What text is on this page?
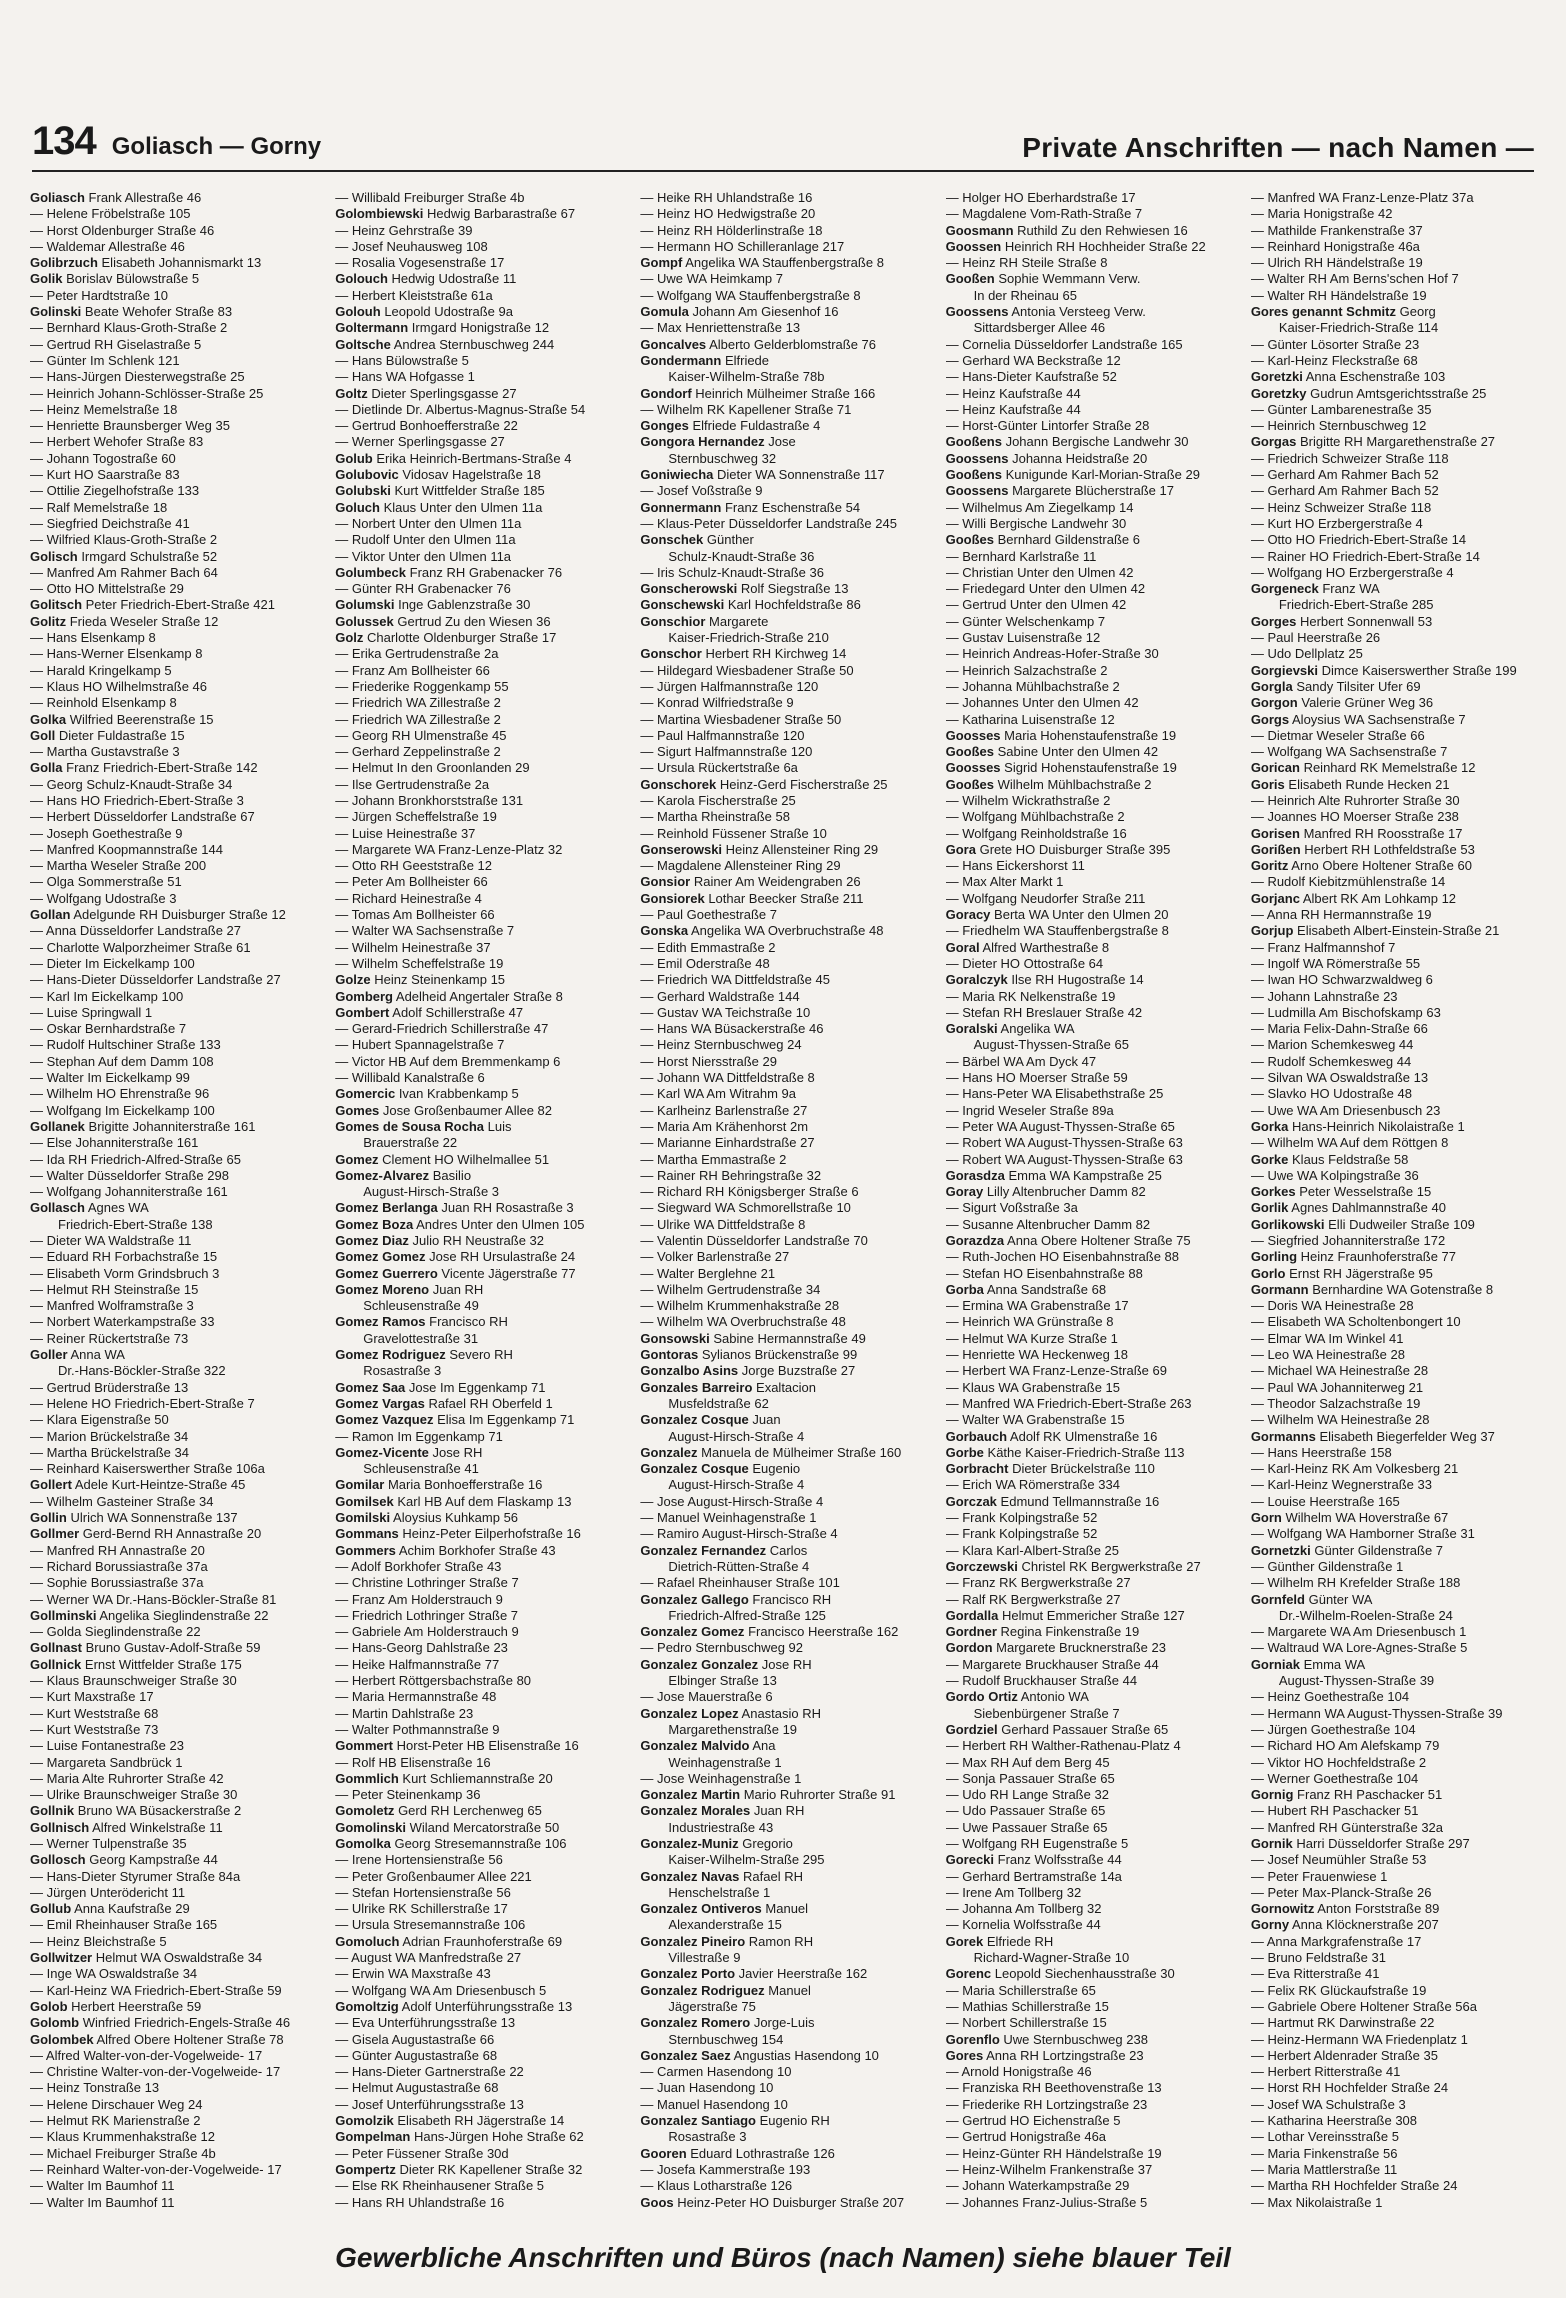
134 Goliasch — Gorny	Private Anschriften — nach Namen —
Goliasch Frank Allestraße 46
— Helene Fröbelstraße 105
— Horst Oldenburger Straße 46
— Waldemar Allestraße 46
Golibrzuch Elisabeth Johannismarkt 13
Golik Borislav Bülowstraße 5
— Peter Hardtstraße 10
Golinski Beate Wehofer Straße 83
— Bernhard Klaus-Groth-Straße 2
— Gertrud RH Giselastraße 5
— Günter Im Schlenk 121
— Hans-Jürgen Diesterwegstraße 25
— Heinrich Johann-Schlösser-Straße 25
— Heinz Memelstraße 18
— Henriette Braunsberger Weg 35
— Herbert Wehofer Straße 83
— Johann Togostraße 60
— Kurt HO Saarstraße 83
— Ottilie Ziegelhofstraße 133
— Ralf Memelstraße 18
— Siegfried Deichstraße 41
— Wilfried Klaus-Groth-Straße 2
Golisch Irmgard Schulstraße 52
— Manfred Am Rahmer Bach 64
— Otto HO Mittelstraße 29
Golitsch Peter Friedrich-Ebert-Straße 421
Golitz Frieda Weseler Straße 12
— Hans Elsenkamp 8
— Hans-Werner Elsenkamp 8
— Harald Kringelkamp 5
— Klaus HO Wilhelmstraße 46
— Reinhold Elsenkamp 8
Golka Wilfried Beerenstraße 15
Goll Dieter Fuldastraße 15
— Martha Gustavstraße 3
Golla Franz Friedrich-Ebert-Straße 142
— Georg Schulz-Knaudt-Straße 34
— Hans HO Friedrich-Ebert-Straße 3
— Herbert Düsseldorfer Landstraße 67
— Joseph Goethestraße 9
— Manfred Koopmannstraße 144
— Martha Weseler Straße 200
— Olga Sommerstraße 51
— Wolfgang Udostraße 3
Gollan Adelgunde RH Duisburger Straße 12
— Anna Düsseldorfer Landstraße 27
— Charlotte Walporzheimer Straße 61
— Dieter Im Eickelkamp 100
— Hans-Dieter Düsseldorfer Landstraße 27
— Karl Im Eickelkamp 100
— Luise Springwall 1
— Oskar Bernhardstraße 7
— Rudolf Hultschiner Straße 133
— Stephan Auf dem Damm 108
— Walter Im Eickelkamp 99
— Wilhelm HO Ehrenstraße 96
— Wolfgang Im Eickelkamp 100
Gollanek Brigitte Johanniterstraße 161
— Else Johanniterstraße 161
— Ida RH Friedrich-Alfred-Straße 65
— Walter Düsseldorfer Straße 298
— Wolfgang Johanniterstraße 161
Gollasch Agnes WA
Friedrich-Ebert-Straße 138
— Dieter WA Waldstraße 11
— Eduard RH Forbachstraße 15
— Elisabeth Vorm Grindsbruch 3
— Helmut RH Steinstraße 15
— Manfred Wolframstraße 3
— Norbert Waterkampstraße 33
— Reiner Rückertstraße 73
Goller Anna WA
Dr.-Hans-Böckler-Straße 322
— Gertrud Brüderstraße 13
— Helene HO Friedrich-Ebert-Straße 7
— Klara Eigenstraße 50
— Marion Brückelstraße 34
— Martha Brückelstraße 34
— Reinhard Kaiserswerther Straße 106a
Gollert Adele Kurt-Heintze-Straße 45
— Wilhelm Gasteiner Straße 34
Gollin Ulrich WA Sonnenstraße 137
Gollmer Gerd-Bernd RH Annastraße 20
— Manfred RH Annastraße 20
— Richard Borussiastraße 37a
— Sophie Borussiastraße 37a
— Werner WA Dr.-Hans-Böckler-Straße 81
Gollminski Angelika Sieglindenstraße 22
— Golda Sieglindenstraße 22
Gollnast Bruno Gustav-Adolf-Straße 59
Gollnick Ernst Wittfelder Straße 175
— Klaus Braunschweiger Straße 30
— Kurt Maxstraße 17
— Kurt Weststraße 68
— Kurt Weststraße 73
— Luise Fontanestraße 23
— Margareta Sandbrück 1
— Maria Alte Ruhrorter Straße 42
— Ulrike Braunschweiger Straße 30
Gollnik Bruno WA Büsackerstraße 2
Gollnisch Alfred Winkelstraße 11
— Werner Tulpenstraße 35
Gollosch Georg Kampstraße 44
— Hans-Dieter Styrumer Straße 84a
— Jürgen Unterödericht 11
Gollub Anna Kaufstraße 29
— Emil Rheinhauser Straße 165
— Heinz Bleichstraße 5
Gollwitzer Helmut WA Oswaldstraße 34
— Inge WA Oswaldstraße 34
— Karl-Heinz WA Friedrich-Ebert-Straße 59
Golob Herbert Heerstraße 59
Golomb Winfried Friedrich-Engels-Straße 46
Golombek Alfred Obere Holtener Straße 78
— Alfred Walter-von-der-Vogelweide- 17
— Christine Walter-von-der-Vogelweide- 17
— Heinz Tonstraße 13
— Helene Dirschauer Weg 24
— Helmut RK Marienstraße 2
— Klaus Krummenhakstraße 12
— Michael Freiburger Straße 4b
— Reinhard Walter-von-der-Vogelweide- 17
— Walter Im Baumhof 11
— Walter Im Baumhof 11
— Willibald Freiburger Straße 4b
Golombiewski Hedwig Barbarastraße 67
— Heinz Gehrstraße 39
— Josef Neuhausweg 108
— Rosalia Vogesenstraße 17
Golouch Hedwig Udostraße 11
— Herbert Kleiststraße 61a
Golouh Leopold Udostraße 9a
Goltermann Irmgard Honigstraße 12
Goltsche Andrea Sternbuschweg 244
— Hans Bülowstraße 5
— Hans WA Hofgasse 1
Goltz Dieter Sperlingsgasse 27
— Dietlinde Dr. Albertus-Magnus-Straße 54
— Gertrud Bonhoefferstraße 22
— Werner Sperlingsgasse 27
Golub Erika Heinrich-Bertmans-Straße 4
Golubovic Vidosav Hagelstraße 18
Golubski Kurt Wittfelder Straße 185
Goluch Klaus Unter den Ulmen 11a
— Norbert Unter den Ulmen 11a
— Rudolf Unter den Ulmen 11a
— Viktor Unter den Ulmen 11a
Golumbeck Franz RH Grabenacker 76
— Günter RH Grabenacker 76
Golumski Inge Gablenzstraße 30
Golussek Gertrud Zu den Wiesen 36
Golz Charlotte Oldenburger Straße 17
— Erika Gertrudenstraße 2a
— Franz Am Bollheister 66
— Friederike Roggenkamp 55
— Friedrich WA Zillestraße 2
— Friedrich WA Zillestraße 2
— Georg RH Ulmenstraße 45
— Gerhard Zeppelinstraße 2
— Helmut In den Groonlanden 29
— Ilse Gertrudenstraße 2a
— Johann Bronkhorststraße 131
— Jürgen Scheffelstraße 19
— Luise Heinestraße 37
— Margarete WA Franz-Lenze-Platz 32
— Otto RH Geeststraße 12
— Peter Am Bollheister 66
— Richard Heinestraße 4
— Tomas Am Bollheister 66
— Walter WA Sachsenstraße 7
— Wilhelm Heinestraße 37
— Wilhelm Scheffelstraße 19
Golze Heinz Steinenkamp 15
Gomberg Adelheid Angertaler Straße 8
Gombert Adolf Schillerstraße 47
— Gerard-Friedrich Schillerstraße 47
— Hubert Spannagelstraße 7
— Victor HB Auf dem Bremmenkamp 6
— Willibald Kanalstraße 6
Gomercic Ivan Krabbenkamp 5
Gomes Jose Großenbaumer Allee 82
Gomes de Sousa Rocha Luis
Brauerstraße 22
Gomez Clement HO Wilhelmallee 51
Gomez-Alvarez Basilio
August-Hirsch-Straße 3
Gomez Berlanga Juan RH Rosastraße 3
Gomez Boza Andres Unter den Ulmen 105
Gomez Diaz Julio RH Neustraße 32
Gomez Gomez Jose RH Ursulastraße 24
Gomez Guerrero Vicente Jägerstraße 77
Gomez Moreno Juan RH
Schleusenstraße 49
Gomez Ramos Francisco RH
Gravelottestraße 31
Gomez Rodriguez Severo RH
Rosastraße 3
Gomez Saa Jose Im Eggenkamp 71
Gomez Vargas Rafael RH Oberfeld 1
Gomez Vazquez Elisa Im Eggenkamp 71
— Ramon Im Eggenkamp 71
Gomez-Vicente Jose RH
Schleusenstraße 41
Gomilar Maria Bonhoefferstraße 16
Gomilsek Karl HB Auf dem Flaskamp 13
Gomilski Aloysius Kuhkamp 56
Gommans Heinz-Peter Eilperhofstraße 16
Gommers Achim Borkhofer Straße 43
— Adolf Borkhofer Straße 43
— Christine Lothringer Straße 7
— Franz Am Holderstrauch 9
— Friedrich Lothringer Straße 7
— Gabriele Am Holderstrauch 9
— Hans-Georg Dahlstraße 23
— Heike Halfmannstraße 77
— Herbert Röttgersbachstraße 80
— Maria Hermannstraße 48
— Martin Dahlstraße 23
— Walter Pothmannstraße 9
Gommert Horst-Peter HB Elisenstraße 16
— Rolf HB Elisenstraße 16
Gommlich Kurt Schliemannstraße 20
— Peter Steinenkamp 36
Gomoletz Gerd RH Lerchenweg 65
Gomolinski Wiland Mercatorstraße 50
Gomolka Georg Stresemannstraße 106
— Irene Hortensienstraße 56
— Peter Großenbaumer Allee 221
— Stefan Hortensienstraße 56
— Ulrike RK Schillerstraße 17
— Ursula Stresemannstraße 106
Gomoluch Adrian Fraunhoferstraße 69
— August WA Manfredstraße 27
— Erwin WA Maxstraße 43
— Wolfgang WA Am Driesenbusch 5
Gomoltzig Adolf Unterführungsstraße 13
— Eva Unterführungsstraße 13
— Gisela Augustastraße 66
— Günter Augustastraße 68
— Hans-Dieter Gartnerstraße 22
— Helmut Augustastraße 68
— Josef Unterführungsstraße 13
Gomolzik Elisabeth RH Jägerstraße 14
Gompelman Hans-Jürgen Hohe Straße 62
— Peter Füssener Straße 30d
Gompertz Dieter RK Kapellener Straße 32
— Else RK Rheinhausener Straße 5
— Hans RH Uhlandstraße 16
— Heike RH Uhlandstraße 16
— Heinz HO Hedwigstraße 20
— Heinz RH Hölderlinstraße 18
— Hermann HO Schilleranlage 217
Gompf Angelika WA Stauffenbergstraße 8
— Uwe WA Heimkamp 7
— Wolfgang WA Stauffenbergstraße 8
Gomula Johann Am Giesenhof 16
— Max Henriettenstraße 13
Goncalves Alberto Gelderblomstraße 76
Gondermann Elfriede
Kaiser-Wilhelm-Straße 78b
Gondorf Heinrich Mülheimer Straße 166
— Wilhelm RK Kapellener Straße 71
Gonges Elfriede Fuldastraße 4
Gongora Hernandez Jose
Sternbuschweg 32
Goniwiecha Dieter WA Sonnenstraße 117
— Josef Voßstraße 9
Gonnermann Franz Eschenstraße 54
— Klaus-Peter Düsseldorfer Landstraße 245
Gonschek Günther
Schulz-Knaudt-Straße 36
— Iris Schulz-Knaudt-Straße 36
Gonscherowski Rolf Siegstraße 13
Gonschewski Karl Hochfeldstraße 86
Gonschior Margarete
Kaiser-Friedrich-Straße 210
Gonschor Herbert RH Kirchweg 14
— Hildegard Wiesbadener Straße 50
— Jürgen Halfmannstraße 120
— Konrad Wilfriedstraße 9
— Martina Wiesbadener Straße 50
— Paul Halfmannstraße 120
— Sigurt Halfmannstraße 120
— Ursula Rückertstraße 6a
Gonschorek Heinz-Gerd Fischerstraße 25
— Karola Fischerstraße 25
— Martha Rheinstraße 58
— Reinhold Füssener Straße 10
Gonserowski Heinz Allensteiner Ring 29
— Magdalene Allensteiner Ring 29
Gonsior Rainer Am Weidengraben 26
Gonsiorek Lothar Beecker Straße 211
— Paul Goethestraße 7
Gonska Angelika WA Overbruchstraße 48
— Edith Emmastraße 2
— Emil Oderstraße 48
— Friedrich WA Dittfeldstraße 45
— Gerhard Waldstraße 144
— Gustav WA Teichstraße 10
— Hans WA Büsackerstraße 46
— Heinz Sternbuschweg 24
— Horst Niersstraße 29
— Johann WA Dittfeldstraße 8
— Karl WA Am Witrahm 9a
— Karlheinz Barlenstraße 27
— Maria Am Krähenhorst 2m
— Marianne Einhardstraße 27
— Martha Emmastraße 2
— Rainer RH Behringstraße 32
— Richard RH Königsberger Straße 6
— Siegward WA Schmorellstraße 10
— Ulrike WA Dittfeldstraße 8
— Valentin Düsseldorfer Landstraße 70
— Volker Barlenstraße 27
— Walter Berglehne 21
— Wilhelm Gertrudenstraße 34
— Wilhelm Krummenhakstraße 28
— Wilhelm WA Overbruchstraße 48
Gonsowski Sabine Hermannstraße 49
Gontoras Sylianos Brückenstraße 99
Gonzalbo Asins Jorge Buzstraße 27
Gonzales Barreiro Exaltacion
Musfeldstraße 62
Gonzalez Cosque Juan
August-Hirsch-Straße 4
Gonzalez Manuela de Mülheimer Straße 160
Gonzalez Cosque Eugenio
August-Hirsch-Straße 4
— Jose August-Hirsch-Straße 4
— Manuel Weinhagenstraße 1
— Ramiro August-Hirsch-Straße 4
Gonzalez Fernandez Carlos
Dietrich-Rütten-Straße 4
— Rafael Rheinhauser Straße 101
Gonzalez Gallego Francisco RH
Friedrich-Alfred-Straße 125
Gonzalez Gomez Francisco Heerstraße 162
— Pedro Sternbuschweg 92
Gonzalez Gonzalez Jose RH
Elbinger Straße 13
— Jose Mauerstraße 6
Gonzalez Lopez Anastasio RH
Margarethenstraße 19
Gonzalez Malvido Ana
Weinhagenstraße 1
— Jose Weinhagenstraße 1
Gonzalez Martin Mario Ruhrorter Straße 91
Gonzalez Morales Juan RH
Industriestraße 43
Gonzalez-Muniz Gregorio
Kaiser-Wilhelm-Straße 295
Gonzalez Navas Rafael RH
Henschelstraße 1
Gonzalez Ontiveros Manuel
Alexanderstraße 15
Gonzalez Pineiro Ramon RH
Villestraße 9
Gonzalez Porto Javier Heerstraße 162
Gonzalez Rodriguez Manuel
Jägerstraße 75
Gonzalez Romero Jorge-Luis
Sternbuschweg 154
Gonzalez Saez Angustias Hasendong 10
— Carmen Hasendong 10
— Juan Hasendong 10
— Manuel Hasendong 10
Gonzalez Santiago Eugenio RH
Rosastraße 3
Gooren Eduard Lothrastraße 126
— Josefa Kammerstraße 193
— Klaus Lotharstraße 126
Goos Heinz-Peter HO Duisburger Straße 207
— Holger HO Eberhardstraße 17
— Magdalene Vom-Rath-Straße 7
Goosmann Ruthild Zu den Rehwiesen 16
Goossen Heinrich RH Hochheider Straße 22
— Heinz RH Steile Straße 8
Gooßen Sophie Wemmann Verw.
In der Rheinau 65
Goossens Antonia Versteeg Verw.
Sittardsberger Allee 46
— Cornelia Düsseldorfer Landstraße 165
— Gerhard WA Beckstraße 12
— Hans-Dieter Kaufstraße 52
— Heinz Kaufstraße 44
— Heinz Kaufstraße 44
— Horst-Günter Lintorfer Straße 28
Gooßens Johann Bergische Landwehr 30
Goossens Johanna Heidstraße 20
Gooßens Kunigunde Karl-Morian-Straße 29
Goossens Margarete Blücherstraße 17
— Wilhelmus Am Ziegelkamp 14
— Willi Bergische Landwehr 30
Gooßes Bernhard Gildenstraße 6
— Bernhard Karlstraße 11
— Christian Unter den Ulmen 42
— Friedegard Unter den Ulmen 42
— Gertrud Unter den Ulmen 42
— Günter Welschenkamp 7
— Gustav Luisenstraße 12
— Heinrich Andreas-Hofer-Straße 30
— Heinrich Salzachstraße 2
— Johanna Mühlbachstraße 2
— Johannes Unter den Ulmen 42
— Katharina Luisenstraße 12
Goosses Maria Hohenstaufenstraße 19
Gooßes Sabine Unter den Ulmen 42
Goosses Sigrid Hohenstaufenstraße 19
Gooßes Wilhelm Mühlbachstraße 2
— Wilhelm Wickrathstraße 2
— Wolfgang Mühlbachstraße 2
— Wolfgang Reinholdstraße 16
Gora Grete HO Duisburger Straße 395
— Hans Eickershorst 11
— Max Alter Markt 1
— Wolfgang Neudorfer Straße 211
Goracy Berta WA Unter den Ulmen 20
— Friedhelm WA Stauffenbergstraße 8
Goral Alfred Warthestraße 8
— Dieter HO Ottostraße 64
Goralczyk Ilse RH Hugostraße 14
— Maria RK Nelkenstraße 19
— Stefan RH Breslauer Straße 42
Goralski Angelika WA
August-Thyssen-Straße 65
— Bärbel WA Am Dyck 47
— Hans HO Moerser Straße 59
— Hans-Peter WA Elisabethstraße 25
— Ingrid Weseler Straße 89a
— Peter WA August-Thyssen-Straße 65
— Robert WA August-Thyssen-Straße 63
— Robert WA August-Thyssen-Straße 63
Gorasdza Emma WA Kampstraße 25
Goray Lilly Altenbrucher Damm 82
— Sigurt Voßstraße 3a
— Susanne Altenbrucher Damm 82
Gorazdza Anna Obere Holtener Straße 75
— Ruth-Jochen HO Eisenbahnstraße 88
— Stefan HO Eisenbahnstraße 88
Gorba Anna Sandstraße 68
— Ermina WA Grabenstraße 17
— Heinrich WA Grünstraße 8
— Helmut WA Kurze Straße 1
— Henriette WA Heckenweg 18
— Herbert WA Franz-Lenze-Straße 69
— Klaus WA Grabenstraße 15
— Manfred WA Friedrich-Ebert-Straße 263
— Walter WA Grabenstraße 15
Gorbauch Adolf RK Ulmenstraße 16
Gorbe Käthe Kaiser-Friedrich-Straße 113
Gorbracht Dieter Brückelstraße 110
— Erich WA Römerstraße 334
Gorczak Edmund Tellmannstraße 16
— Frank Kolpingstraße 52
— Frank Kolpingstraße 52
— Klara Karl-Albert-Straße 25
Gorczewski Christel RK Bergwerkstraße 27
— Franz RK Bergwerkstraße 27
— Ralf RK Bergwerkstraße 27
Gordalla Helmut Emmericher Straße 127
Gordner Regina Finkenstraße 19
Gordon Margarete Brucknerstraße 23
— Margarete Bruckhauser Straße 44
— Rudolf Bruckhauser Straße 44
Gordo Ortiz Antonio WA
Siebenbürgener Straße 7
Gordziel Gerhard Passauer Straße 65
— Herbert RH Walther-Rathenau-Platz 4
— Max RH Auf dem Berg 45
— Sonja Passauer Straße 65
— Udo RH Lange Straße 32
— Udo Passauer Straße 65
— Uwe Passauer Straße 65
— Wolfgang RH Eugenstraße 5
Gorecki Franz Wolfsstraße 44
— Gerhard Bertramstraße 14a
— Irene Am Tollberg 32
— Johanna Am Tollberg 32
— Kornelia Wolfsstraße 44
Gorek Elfriede RH
Richard-Wagner-Straße 10
Gorenc Leopold Siechenhausstraße 30
— Maria Schillerstraße 65
— Mathias Schillerstraße 15
— Norbert Schillerstraße 15
Gorenflo Uwe Sternbuschweg 238
Gores Anna RH Lortzingstraße 23
— Arnold Honigstraße 46
— Franziska RH Beethovenstraße 13
— Friederike RH Lortzingstraße 23
— Gertrud HO Eichenstraße 5
— Gertrud Honigstraße 46a
— Heinz-Günter RH Händelstraße 19
— Heinz-Wilhelm Frankenstraße 37
— Johann Waterkampstraße 29
— Johannes Franz-Julius-Straße 5
— Manfred WA Franz-Lenze-Platz 37a
— Maria Honigstraße 42
— Mathilde Frankenstraße 37
— Reinhard Honigstraße 46a
— Ulrich RH Händelstraße 19
— Walter RH Am Berns'schen Hof 7
— Walter RH Händelstraße 19
Gores genannt Schmitz Georg
Kaiser-Friedrich-Straße 114
— Günter Lösorter Straße 23
— Karl-Heinz Fleckstraße 68
Goretzki Anna Eschenstraße 103
Goretzky Gudrun Amtsgerichtsstraße 25
— Günter Lambarenestraße 35
— Heinrich Sternbuschweg 12
Gorgas Brigitte RH Margarethenstraße 27
— Friedrich Schweizer Straße 118
— Gerhard Am Rahmer Bach 52
— Gerhard Am Rahmer Bach 52
— Heinz Schweizer Straße 118
— Kurt HO Erzbergerstraße 4
— Otto HO Friedrich-Ebert-Straße 14
— Rainer HO Friedrich-Ebert-Straße 14
— Wolfgang HO Erzbergerstraße 4
Gorgeneck Franz WA
Friedrich-Ebert-Straße 285
Gorges Herbert Sonnenwall 53
— Paul Heerstraße 26
— Udo Dellplatz 25
Gorgievski Dimce Kaiserswerther Straße 199
Gorgla Sandy Tilsiter Ufer 69
Gorgon Valerie Grüner Weg 36
Gorgs Aloysius WA Sachsenstraße 7
— Dietmar Weseler Straße 66
— Wolfgang WA Sachsenstraße 7
Gorican Reinhard RK Memelstraße 12
Goris Elisabeth Runde Hecken 21
— Heinrich Alte Ruhrorter Straße 30
— Joannes HO Moerser Straße 238
Gorisen Manfred RH Roosstraße 17
Gorißen Herbert RH Lothfeldstraße 53
Goritz Arno Obere Holtener Straße 60
— Rudolf Kiebitzmühlenstraße 14
Gorjanc Albert RK Am Lohkamp 12
— Anna RH Hermannstraße 19
Gorjup Elisabeth Albert-Einstein-Straße 21
— Franz Halfmannshof 7
— Ingolf WA Römerstraße 55
— Iwan HO Schwarzwaldweg 6
— Johann Lahnstraße 23
— Ludmilla Am Bischofskamp 63
— Maria Felix-Dahn-Straße 66
— Marion Schemkesweg 44
— Rudolf Schemkesweg 44
— Silvan WA Oswaldstraße 13
— Slavko HO Udostraße 48
— Uwe WA Am Driesenbusch 23
Gorka Hans-Heinrich Nikolaistraße 1
— Wilhelm WA Auf dem Röttgen 8
Gorke Klaus Feldstraße 58
— Uwe WA Kolpingstraße 36
Gorkes Peter Wesselstraße 15
Gorlik Agnes Dahlmannstraße 40
Gorlikowski Elli Dudweiler Straße 109
— Siegfried Johanniterstraße 172
Gorling Heinz Fraunhoferstraße 77
Gorlo Ernst RH Jägerstraße 95
Gormann Bernhardine WA Gotenstraße 8
— Doris WA Heinestraße 28
— Elisabeth WA Scholtenbongert 10
— Elmar WA Im Winkel 41
— Leo WA Heinestraße 28
— Michael WA Heinestraße 28
— Paul WA Johanniterweg 21
— Theodor Salzachstraße 19
— Wilhelm WA Heinestraße 28
Gormanns Elisabeth Biegerfelder Weg 37
— Hans Heerstraße 158
— Karl-Heinz RK Am Volkesberg 21
— Karl-Heinz Wegnerstraße 33
— Louise Heerstraße 165
Gorn Wilhelm WA Hoverstraße 67
— Wolfgang WA Hamborner Straße 31
Gornetzki Günter Gildenstraße 7
— Günther Gildenstraße 1
— Wilhelm RH Krefelder Straße 188
Gornfeld Günter WA
Dr.-Wilhelm-Roelen-Straße 24
— Margarete WA Am Driesenbusch 1
— Waltraud WA Lore-Agnes-Straße 5
Gorniak Emma WA
August-Thyssen-Straße 39
— Heinz Goethestraße 104
— Hermann WA August-Thyssen-Straße 39
— Jürgen Goethestraße 104
— Richard HO Am Alefskamp 79
— Viktor HO Hochfeldstraße 2
— Werner Goethestraße 104
Gornig Franz RH Paschacker 51
— Hubert RH Paschacker 51
— Manfred RH Günterstraße 32a
Gornik Harri Düsseldorfer Straße 297
— Josef Neumühler Straße 53
— Peter Frauenwiese 1
— Peter Max-Planck-Straße 26
Gornowitz Anton Forststraße 89
Gorny Anna Klöcknerstraße 207
— Anna Markgrafenstraße 17
— Bruno Feldstraße 31
— Eva Ritterstraße 41
— Felix RK Glückaufstraße 19
— Gabriele Obere Holtener Straße 56a
— Hartmut RK Darwinstraße 22
— Heinz-Hermann WA Friedenplatz 1
— Herbert Aldenrader Straße 35
— Herbert Ritterstraße 41
— Horst RH Hochfelder Straße 24
— Josef WA Schulstraße 3
— Katharina Heerstraße 308
— Lothar Vereinsstraße 5
— Maria Finkenstraße 56
— Maria Mattlerstraße 11
— Martha RH Hochfelder Straße 24
— Max Nikolaistraße 1
Gewerbliche Anschriften und Büros (nach Namen) siehe blauer Teil
